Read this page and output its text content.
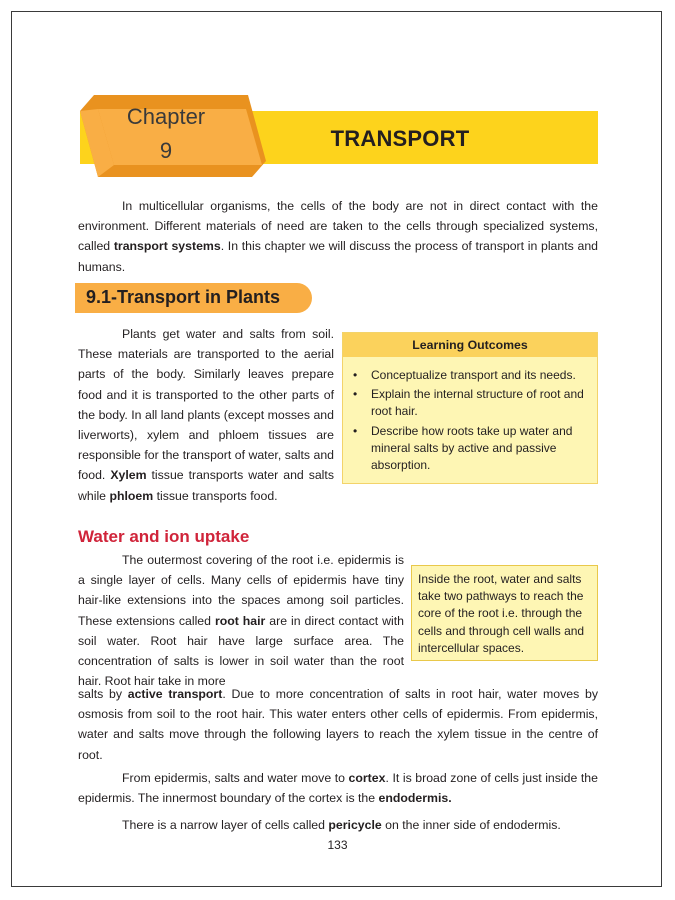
Chapter
9	TRANSPORT

In multicellular organisms, the cells of the body are not in direct contact with the environment. Different materials of need are taken to the cells through specialized systems, called transport systems. In this chapter we will discuss the process of transport in plants and humans.

9.1-Transport in Plants

Plants get water and salts from soil. These materials are transported to the aerial parts of the body. Similarly leaves prepare food and it is transported to the other parts of the body. In all land plants (except mosses and liverworts), xylem and phloem tissues are responsible for the transport of water, salts and food. Xylem tissue transports water and salts while phloem tissue transports food.

Learning Outcomes
• Conceptualize transport and its needs.
• Explain the internal structure of root and root hair.
• Describe how roots take up water and mineral salts by active and passive absorption.
Water and ion uptake

The outermost covering of the root i.e. epidermis is a single layer of cells. Many cells of epidermis have tiny hair-like extensions into the spaces among soil particles. These extensions called root hair are in direct contact with soil water. Root hair have large surface area. The concentration of salts is lower in soil water than the root hair. Root hair take in more

Inside the root, water and salts take two pathways to reach the core of the root i.e. through the cells and through cell walls and intercellular spaces.

salts by active transport. Due to more concentration of salts in root hair, water moves by osmosis from soil to the root hair. This water enters other cells of epidermis. From epidermis, water and salts move through the following layers to reach the xylem tissue in the centre of root.

From epidermis, salts and water move to cortex. It is broad zone of cells just inside the epidermis. The innermost boundary of the cortex is the endodermis.

There is a narrow layer of cells called pericycle on the inner side of endodermis.

133
